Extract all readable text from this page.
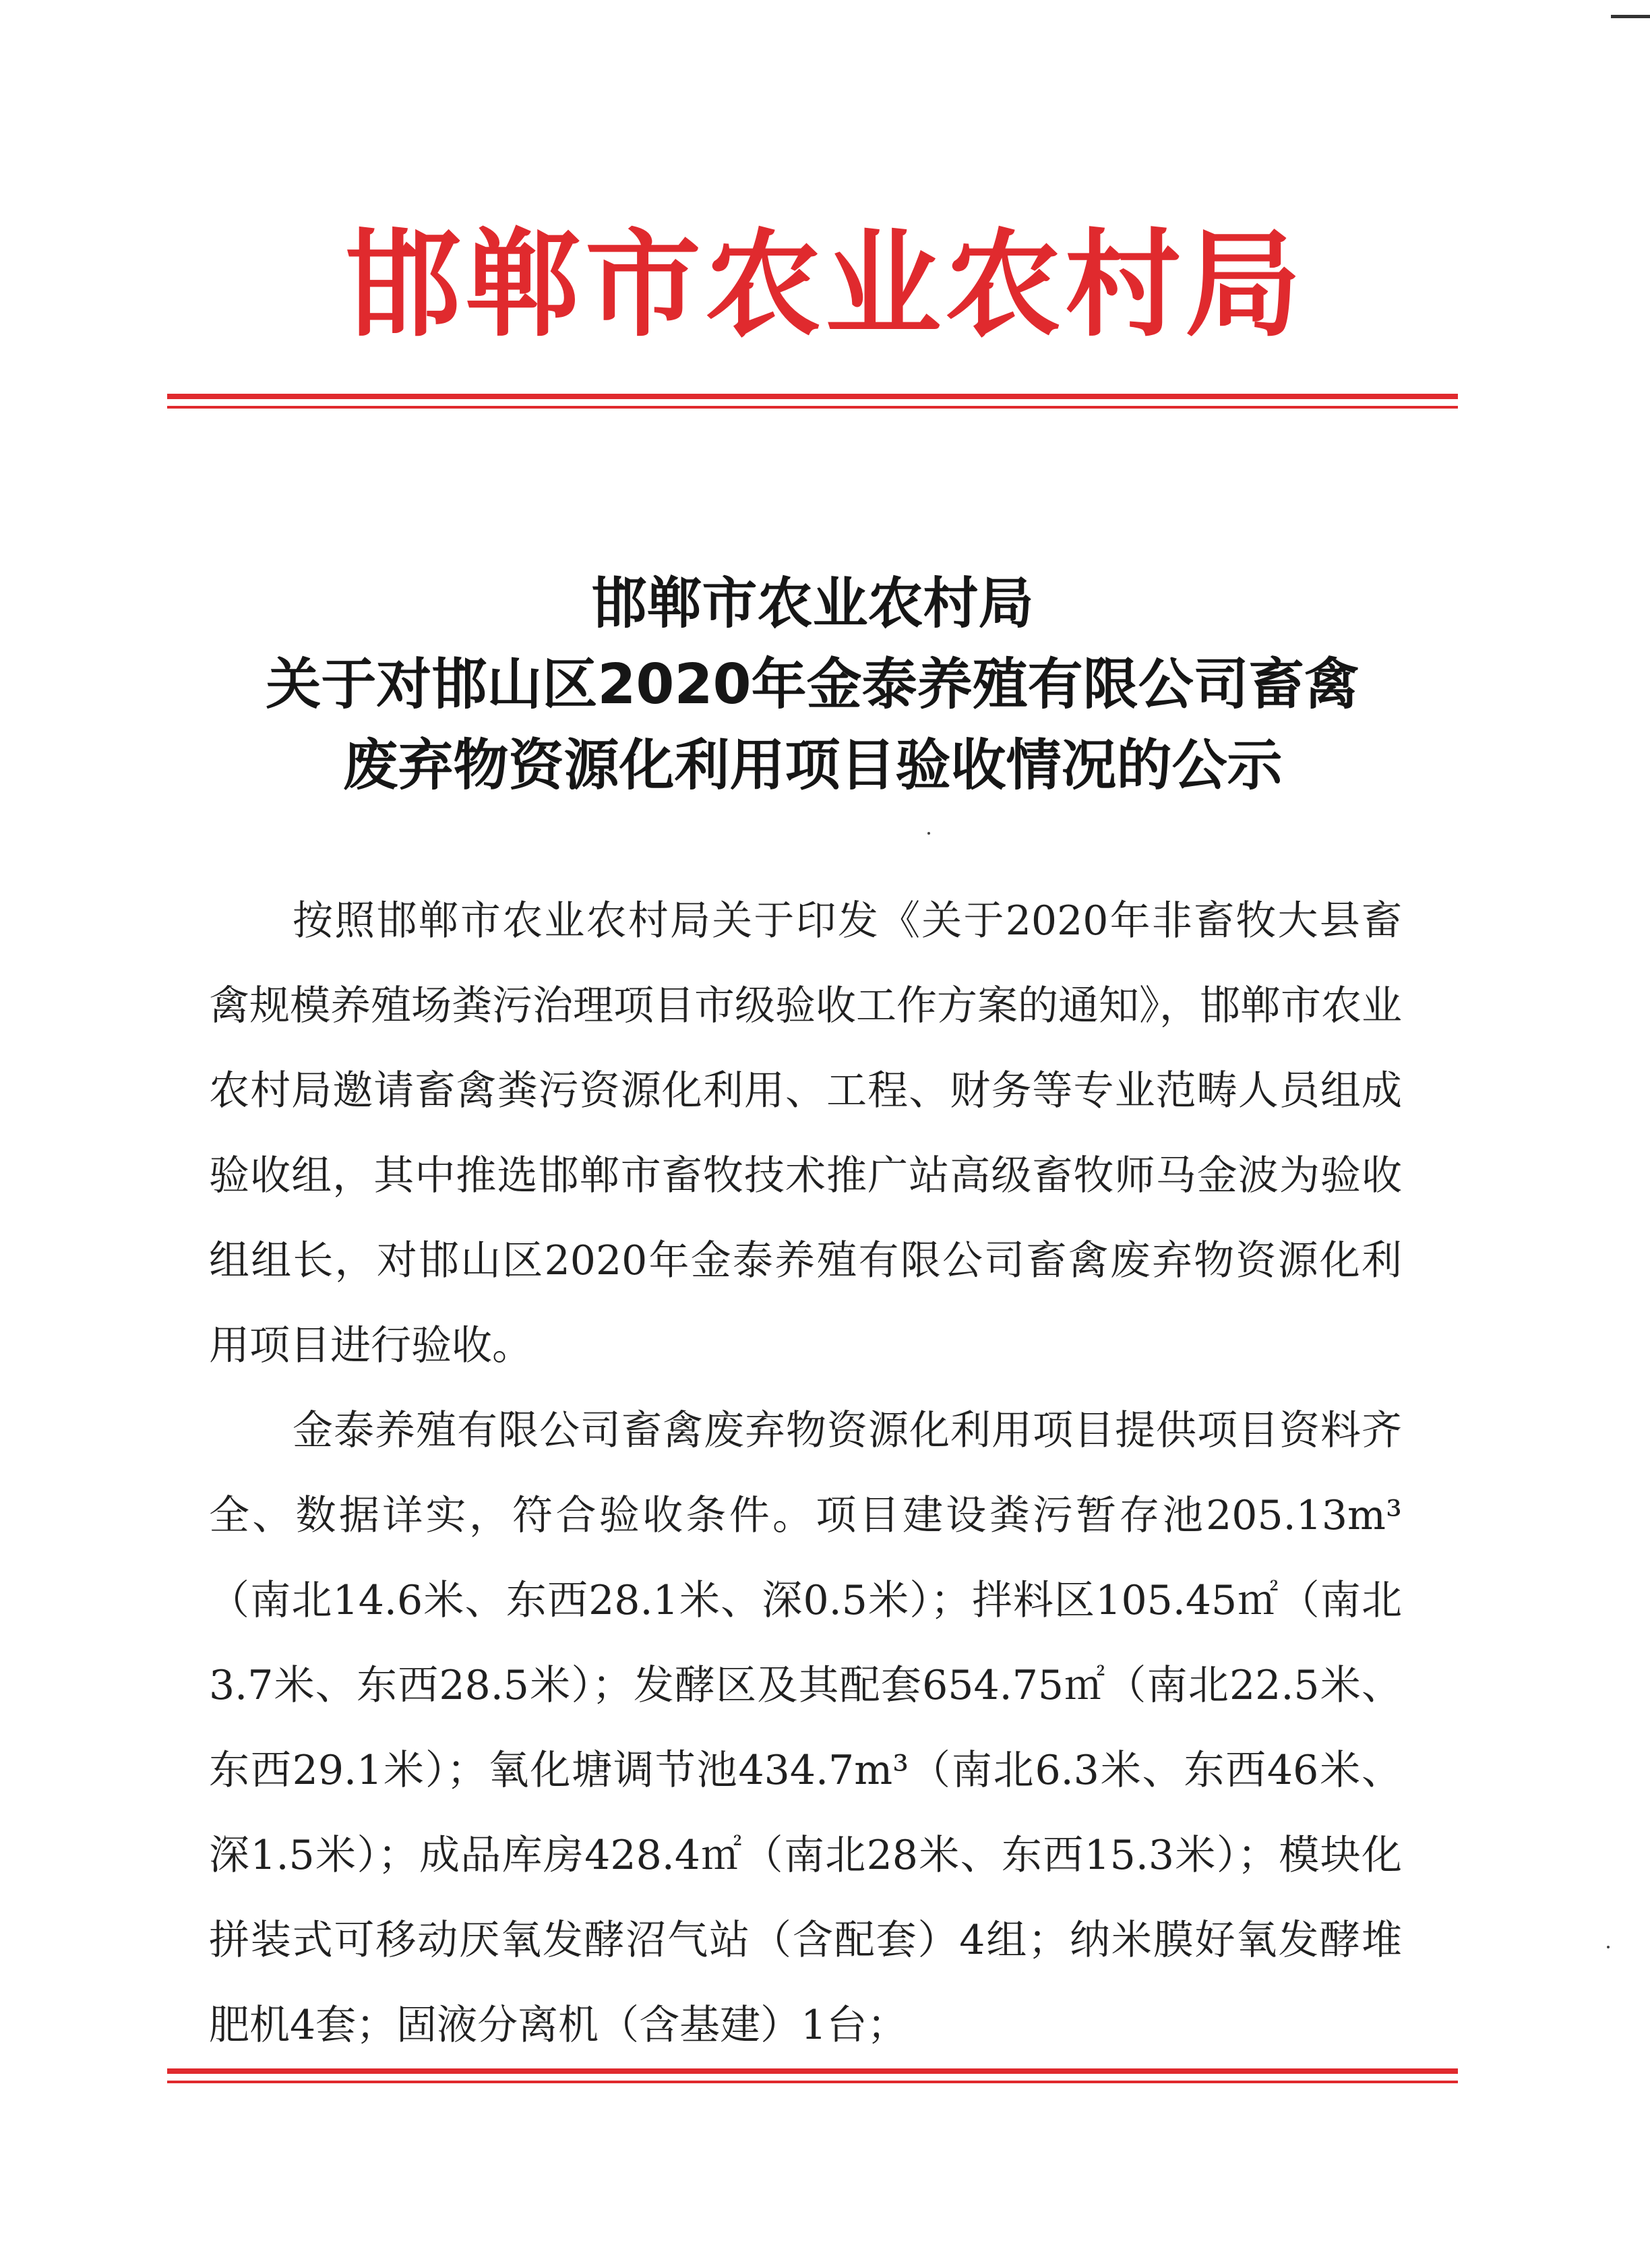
邯郸市农业农村局
邯郸市农业农村局
关于对邯山区2020年金泰养殖有限公司畜禽
废弃物资源化利用项目验收情况的公示

按照邯郸市农业农村局关于印发《关于2020年非畜牧大县畜禽规模养殖场粪污治理项目市级验收工作方案的通知》，邯郸市农业农村局邀请畜禽粪污资源化利用、工程、财务等专业范畴人员组成验收组，其中推选邯郸市畜牧技术推广站高级畜牧师马金波为验收组组长，对邯山区2020年金泰养殖有限公司畜禽废弃物资源化利用项目进行验收。

金泰养殖有限公司畜禽废弃物资源化利用项目提供项目资料齐全、数据详实，符合验收条件。项目建设粪污暂存池205.13m³（南北14.6米、东西28.1米、深0.5米）；拌料区105.45㎡（南北3.7米、东西28.5米）；发酵区及其配套654.75㎡（南北22.5米、东西29.1米）；氧化塘调节池434.7m³（南北6.3米、东西46米、深1.5米）；成品库房428.4㎡（南北28米、东西15.3米）；模块化拼装式可移动厌氧发酵沼气站（含配套）4组；纳米膜好氧发酵堆肥机4套；固液分离机（含基建）1台；
